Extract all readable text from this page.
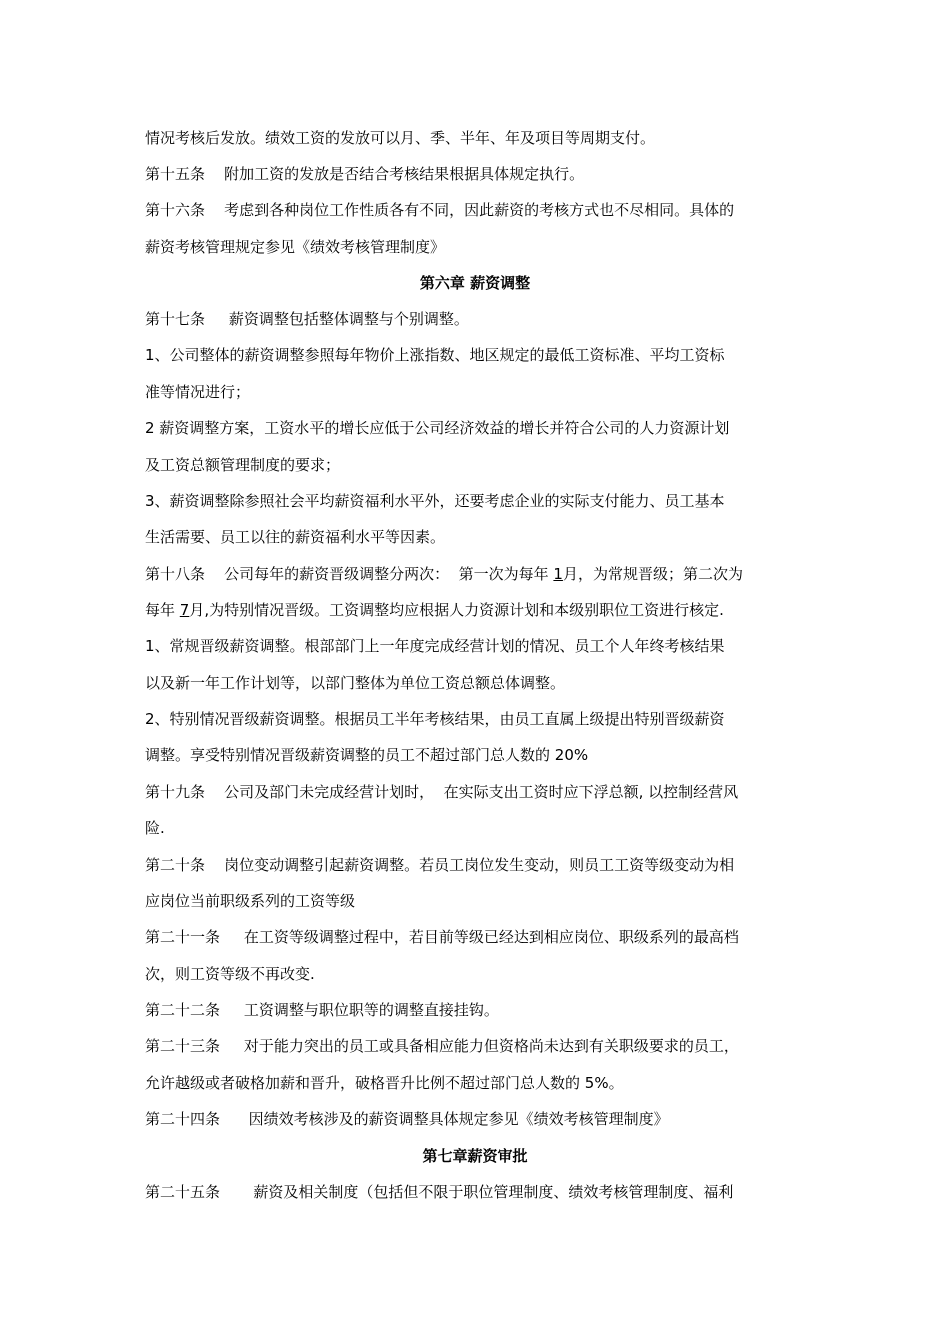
情况考核后发放。绩效工资的发放可以月、季、半年、年及项目等周期支付。
第十五条    附加工资的发放是否结合考核结果根据具体规定执行。
第十六条    考虑到各种岗位工作性质各有不同，因此薪资的考核方式也不尽相同。具体的
薪资考核管理规定参见《绩效考核管理制度》
第六章 薪资调整
第十七条     薪资调整包括整体调整与个别调整。
1、公司整体的薪资调整参照每年物价上涨指数、地区规定的最低工资标准、平均工资标
准等情况进行；
2 薪资调整方案，工资水平的增长应低于公司经济效益的增长并符合公司的人力资源计划
及工资总额管理制度的要求；
3、薪资调整除参照社会平均薪资福利水平外，还要考虑企业的实际支付能力、员工基本
生活需要、员工以往的薪资福利水平等因素。
第十八条    公司每年的薪资晋级调整分两次：  第一次为每年 1月，为常规晋级；第二次为
每年 7月,为特别情况晋级。工资调整均应根据人力资源计划和本级别职位工资进行核定.
1、常规晋级薪资调整。根部部门上一年度完成经营计划的情况、员工个人年终考核结果
以及新一年工作计划等，以部门整体为单位工资总额总体调整。
2、特别情况晋级薪资调整。根据员工半年考核结果，由员工直属上级提出特别晋级薪资
调整。享受特别情况晋级薪资调整的员工不超过部门总人数的 20%
第十九条    公司及部门未完成经营计划时，  在实际支出工资时应下浮总额, 以控制经营风
险.
第二十条    岗位变动调整引起薪资调整。若员工岗位发生变动，则员工工资等级变动为相
应岗位当前职级系列的工资等级
第二十一条     在工资等级调整过程中，若目前等级已经达到相应岗位、职级系列的最高档
次，则工资等级不再改变.
第二十二条     工资调整与职位职等的调整直接挂钩。
第二十三条     对于能力突出的员工或具备相应能力但资格尚未达到有关职级要求的员工，
允许越级或者破格加薪和晋升，破格晋升比例不超过部门总人数的 5%。
第二十四条      因绩效考核涉及的薪资调整具体规定参见《绩效考核管理制度》
第七章薪资审批
第二十五条       薪资及相关制度（包括但不限于职位管理制度、绩效考核管理制度、福利
